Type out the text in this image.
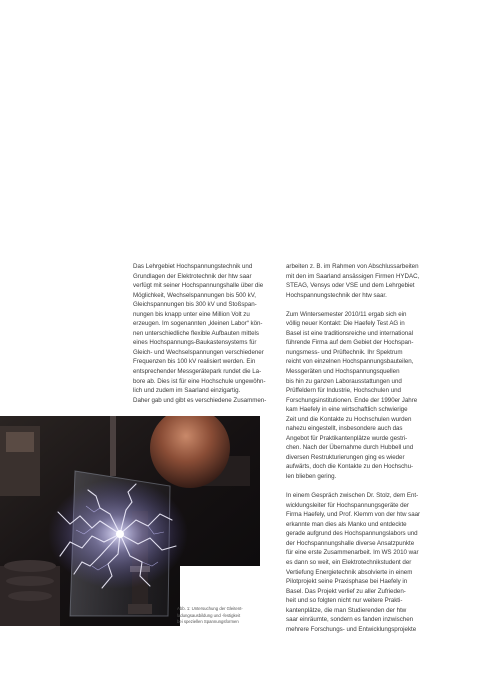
Das Lehrgebiet Hochspannungstechnik und
Grundlagen der Elektrotechnik der htw saar
verfügt mit seiner Hochspannungshalle über die
Möglichkeit, Wechselspannungen bis 500 kV,
Gleichspannungen bis 300 kV und Stoßspan-
nungen bis knapp unter eine Million Volt zu
erzeugen. Im sogenannten „kleinen Labor“ kön-
nen unterschiedliche flexible Aufbauten mittels
eines Hochspannungs-Baukastensystems für
Gleich- und Wechselspannungen verschiedener
Frequenzen bis 100 kV realisiert werden. Ein
entsprechender Messgerätepark rundet die La-
bore ab. Dies ist für eine Hochschule ungewöhn-
lich und zudem im Saarland einzigartig.
Daher gab und gibt es verschiedene Zusammen-

arbeiten z. B. im Rahmen von Abschlussarbeiten
mit den im Saarland ansässigen Firmen HYDAC,
STEAG, Vensys oder VSE und dem Lehrgebiet
Hochspannungstechnik der htw saar.

Zum Wintersemester 2010/11 ergab sich ein
völlig neuer Kontakt: Die Haefely Test AG in
Basel ist eine traditionsreiche und international
führende Firma auf dem Gebiet der Hochspan-
nungsmess- und Prüftechnik. Ihr Spektrum
reicht von einzelnen Hochspannungsbauteilen,
Messgeräten und Hochspannungsquellen
bis hin zu ganzen Laborausstattungen und
Prüffeldern für Industrie, Hochschulen und
Forschungsinstitutionen. Ende der 1990er Jahre
kam Haefely in eine wirtschaftlich schwierige
Zeit und die Kontakte zu Hochschulen wurden
nahezu eingestellt, insbesondere auch das
Angebot für Praktikantenplätze wurde gestri-
chen. Nach der Übernahme durch Hubbell und
diversen Restrukturierungen ging es wieder
aufwärts, doch die Kontakte zu den Hochschu-
len blieben gering.

In einem Gespräch zwischen Dr. Stolz, dem Ent-
wicklungsleiter für Hochspannungsgeräte der
Firma Haefely, und Prof. Klemm von der htw saar
erkannte man dies als Manko und entdeckte
gerade aufgrund des Hochspannungslabors und
der Hochspannungshalle diverse Ansatzpunkte
für eine erste Zusammenarbeit. Im WS 2010 war
es dann so weit, ein Elektrotechnikstudent der
Vertiefung Energietechnik absolvierte in einem
Pilotprojekt seine Praxisphase bei Haefely in
Basel. Das Projekt verlief zu aller Zufrieden-
heit und so folgten nicht nur weitere Prakti-
kantenplätze, die man Studierenden der htw
saar einräumte, sondern es fanden inzwischen
mehrere Forschungs- und Entwicklungsprojekte

Abb. 1: Untersuchung der Gleitent-
ladungsausbildung und -festigkeit
bei speziellen Spannungsformen
